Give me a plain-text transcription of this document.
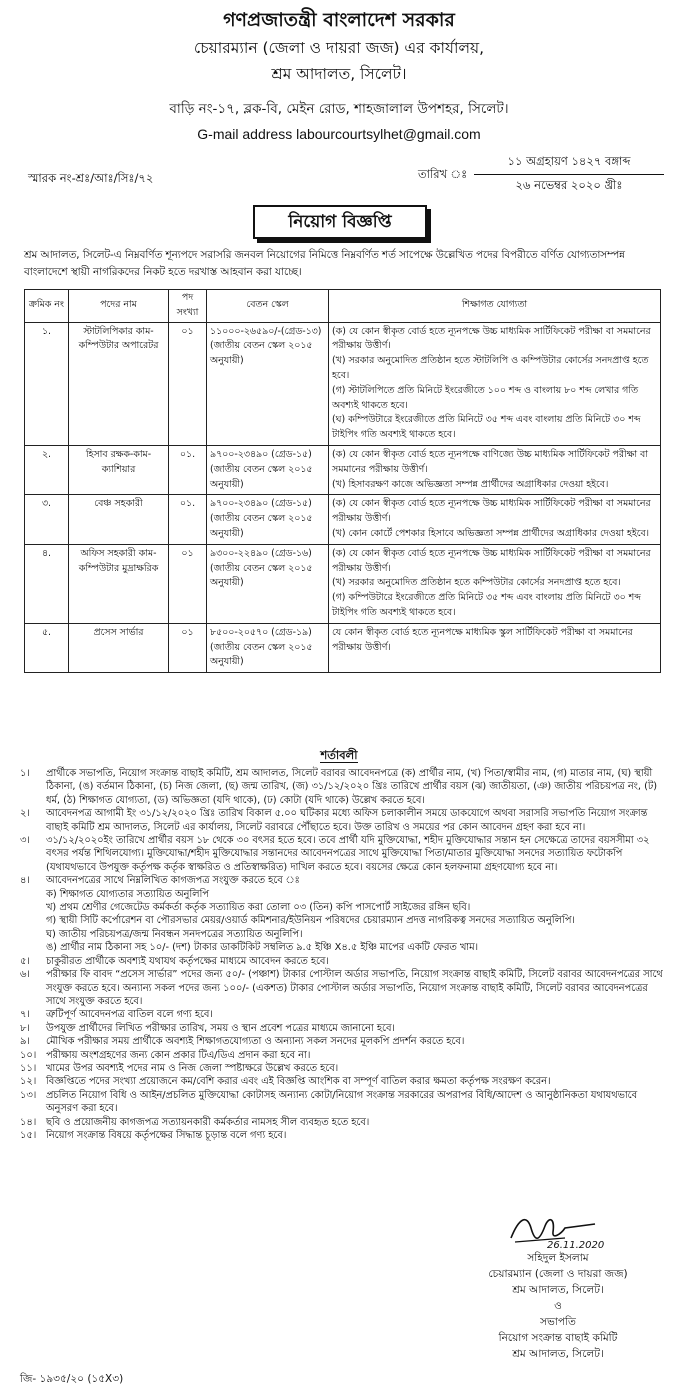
গণপ্রজাতন্ত্রী বাংলাদেশ সরকার
চেয়ারম্যান (জেলা ও দায়রা জজ) এর কার্যালয়,
শ্রম আদালত, সিলেট।
বাড়ি নং-১৭, ব্লক-বি, মেইন রোড, শাহজালাল উপশহর, সিলেট।
G-mail address labourcourtsylhet@gmail.com
স্মারক নং-শ্রঃ/আঃ/সিঃ/৭২	তারিখ ঃ
১১ অগ্রহায়ণ ১৪২৭ বঙ্গাব্দ
২৬ নভেম্বর ২০২০ খ্রীঃ
নিয়োগ বিজ্ঞপ্তি
শ্রম আদালত, সিলেট-এ নিম্নবর্ণিত শূন্যপদে সরাসরি জনবল নিয়োগের নিমিত্তে নিম্নবর্ণিত শর্ত সাপেক্ষে উল্লেখিত পদের বিপরীতে বর্ণিত যোগ্যতাসম্পন্ন বাংলাদেশে স্থায়ী নাগরিকদের নিকট হতে দরখাস্ত আহবান করা যাচ্ছে।
ক্রমিক নং	পদের নাম	পদ সংখ্যা	বেতন স্কেল	শিক্ষাগত যোগ্যতা
১.	স্টাটলিপিকার কাম-কম্পিউটার অপারেটর	০১	১১০০০-২৬৫৯০/-(গ্রেড-১৩) (জাতীয় বেতন স্কেল ২০১৫ অনুযায়ী)	(ক) যে কোন স্বীকৃত বোর্ড হতে ন্যূনপক্ষে উচ্চ মাধ্যমিক সার্টিফিকেট পরীক্ষা বা সমমানের পরীক্ষায় উত্তীর্ণ।
(খ) সরকার অনুমোদিত প্রতিষ্ঠান হতে স্টাটলিপি ও কম্পিউটার কোর্সের সনদপ্রাপ্ত হতে হবে।
(গ) স্টাটলিপিতে প্রতি মিনিটে ইংরেজীতে ১০০ শব্দ ও বাংলায় ৮০ শব্দ লেখার গতি অবশ্যই থাকতে হবে।
(ঘ) কম্পিউটারে ইংরেজীতে প্রতি মিনিটে ৩৫ শব্দ এবং বাংলায় প্রতি মিনিটে ৩০ শব্দ টাইপিং গতি অবশ্যই থাকতে হবে।

২.	হিসাব রক্ষক-কাম-ক্যাশিয়ার	০১.	৯৭০০-২৩৪৯০ (গ্রেড-১৫) (জাতীয় বেতন স্কেল ২০১৫ অনুযায়ী)	(ক) যে কোন স্বীকৃত বোর্ড হতে ন্যূনপক্ষে বাণিজ্যে উচ্চ মাধ্যমিক সার্টিফিকেট পরীক্ষা বা সমমানের পরীক্ষায় উত্তীর্ণ।
(খ) হিসাবরক্ষণ কাজে অভিজ্ঞতা সম্পন্ন প্রার্থীদের অগ্রাধিকার দেওয়া হইবে।

৩.	বেঞ্চ সহকারী	০১.	৯৭০০-২৩৪৯০ (গ্রেড-১৫) (জাতীয় বেতন স্কেল ২০১৫ অনুযায়ী)	(ক) যে কোন স্বীকৃত বোর্ড হতে ন্যূনপক্ষে উচ্চ মাধ্যমিক সার্টিফিকেট পরীক্ষা বা সমমানের পরীক্ষায় উত্তীর্ণ।
(খ) কোন কোর্টে পেশকার হিসাবে অভিজ্ঞতা সম্পন্ন প্রার্থীদের অগ্রাধিকার দেওয়া হইবে।

৪.	অফিস সহকারী কাম-কম্পিউটার মুদ্রাক্ষরিক	০১	৯৩০০-২২৪৯০ (গ্রেড-১৬) (জাতীয় বেতন স্কেল ২০১৫ অনুযায়ী)	(ক) যে কোন স্বীকৃত বোর্ড হতে ন্যূনপক্ষে উচ্চ মাধ্যমিক সার্টিফিকেট পরীক্ষা বা সমমানের পরীক্ষায় উত্তীর্ণ।
(খ) সরকার অনুমোদিত প্রতিষ্ঠান হতে কম্পিউটার কোর্সের সনদপ্রাপ্ত হতে হবে।
(গ) কম্পিউটারে ইংরেজীতে প্রতি মিনিটে ৩৫ শব্দ এবং বাংলায় প্রতি মিনিটে ৩০ শব্দ টাইপিং গতি অবশ্যই থাকতে হবে।

৫.	প্রসেস সার্ভার	০১	৮৫০০-২০৫৭০ (গ্রেড-১৯) (জাতীয় বেতন স্কেল ২০১৫ অনুযায়ী)	যে কোন স্বীকৃত বোর্ড হতে ন্যূনপক্ষে মাধ্যমিক স্কুল সার্টিফিকেট পরীক্ষা বা সমমানের পরীক্ষায় উত্তীর্ণ।
শর্তাবলী
১। প্রার্থীকে সভাপতি, নিয়োগ সংক্রান্ত বাছাই কমিটি, শ্রম আদালত, সিলেট বরাবর আবেদনপত্রে (ক) প্রার্থীর নাম, (খ) পিতা/স্বামীর নাম, (গ) মাতার নাম, (ঘ) স্থায়ী ঠিকানা, (ঙ) বর্তমান ঠিকানা, (চ) নিজ জেলা, (ছ) জন্ম তারিখ, (জ) ৩১/১২/২০২০ খ্রিঃ তারিখে প্রার্থীর বয়স (ঝ) জাতীয়তা, (ঞ) জাতীয় পরিচয়পত্র নং, (ট) ধর্ম, (ঠ) শিক্ষাগত যোগ্যতা, (ড) অভিজ্ঞতা (যদি থাকে), (ঢ) কোটা (যদি থাকে) উল্লেখ করতে হবে।
২। আবেদনপত্র আগামী ইং ৩১/১২/২০২০ খ্রিঃ তারিখ বিকাল ৫.০০ ঘটিকার মধ্যে অফিস চলাকালীন সময়ে ডাকযোগে অথবা সরাসরি সভাপতি নিয়োগ সংক্রান্ত বাছাই কমিটি শ্রম আদালত, সিলেট এর কার্যালয়, সিলেট বরাবরে পৌঁছাতে হবে। উক্ত তারিখ ও সময়ের পর কোন আবেদন গ্রহণ করা হবে না।
৩। ৩১/১২/২০২০ইং তারিখে প্রার্থীর বয়স ১৮ থেকে ৩০ বৎসর হতে হবে। তবে প্রার্থী যদি মুক্তিযোদ্ধা, শহীদ মুক্তিযোদ্ধার সন্তান হন সেক্ষেত্রে তাদের বয়সসীমা ৩২ বৎসর পর্যন্ত শিথিলযোগ্য। মুক্তিযোদ্ধা/শহীদ মুক্তিযোদ্ধার সন্তানদের আবেদনপত্রের সাথে মুক্তিযোদ্ধা পিতা/মাতার মুক্তিযোদ্ধা সনদের সত্যায়িত ফটোকপি (যথাযথভাবে উপযুক্ত কর্তৃপক্ষ কর্তৃক স্বাক্ষরিত ও প্রতিস্বাক্ষরিত) দাখিল করতে হবে। বয়সের ক্ষেত্রে কোন হলফনামা গ্রহণযোগ্য হবে না।
৪। আবেদনপত্রের সাথে নিম্নলিখিত কাগজপত্র সংযুক্ত করতে হবে ঃ
ক) শিক্ষাগত যোগ্যতার সত্যায়িত অনুলিপি
খ) প্রথম শ্রেণীর গেজেটেড কর্মকর্তা কর্তৃক সত্যায়িত করা তোলা ০৩ (তিন) কপি পাসপোর্ট সাইজের রঙ্গিন ছবি।
গ) স্থায়ী সিটি কর্পোরেশন বা পৌরসভার মেয়র/ওয়ার্ড কমিশনার/ইউনিয়ন পরিষদের চেয়ারম্যান প্রদত্ত নাগরিকত্ব সনদের সত্যায়িত অনুলিপি।
ঘ) জাতীয় পরিচয়পত্র/জন্ম নিবন্ধন সনদপত্রের সত্যায়িত অনুলিপি।
ঙ) প্রার্থীর নাম ঠিকানা সহ ১০/- (দশ) টাকার ডাকটিকিট সম্বলিত ৯.৫ ইঞ্চি X৪.৫ ইঞ্চি মাপের একটি ফেরত খাম।
৫। চাকুরীরত প্রার্থীকে অবশ্যই যথাযথ কর্তৃপক্ষের মাধ্যমে আবেদন করতে হবে।
৬। পরীক্ষার ফি বাবদ “প্রসেস সার্ভার” পদের জন্য ৫০/- (পঞ্চাশ) টাকার পোস্টাল অর্ডার সভাপতি, নিয়োগ সংক্রান্ত বাছাই কমিটি, সিলেট বরাবর আবেদনপত্রের সাথে সংযুক্ত করতে হবে। অন্যান্য সকল পদের জন্য ১০০/- (একশত) টাকার পোস্টাল অর্ডার সভাপতি, নিয়োগ সংক্রান্ত বাছাই কমিটি, সিলেট বরাবর আবেদনপত্রের সাথে সংযুক্ত করতে হবে।
৭। ত্রুটিপূর্ণ আবেদনপত্র বাতিল বলে গণ্য হবে।
৮। উপযুক্ত প্রার্থীদের লিখিত পরীক্ষার তারিখ, সময় ও স্থান প্রবেশ পত্রের মাধ্যমে জানানো হবে।
৯। মৌখিক পরীক্ষার সময় প্রার্থীকে অবশ্যই শিক্ষাগতযোগ্যতা ও অন্যান্য সকল সনদের মূলকপি প্রদর্শন করতে হবে।
১০। পরীক্ষায় অংশগ্রহণের জন্য কোন প্রকার টিএ/ডিএ প্রদান করা হবে না।
১১। খামের উপর অবশ্যই পদের নাম ও নিজ জেলা স্পষ্টাক্ষরে উল্লেখ করতে হবে।
১২। বিজ্ঞপ্তিতে পদের সংখ্যা প্রয়োজনে কম/বেশি করার এবং এই বিজ্ঞপ্তি আংশিক বা সম্পূর্ণ বাতিল করার ক্ষমতা কর্তৃপক্ষ সংরক্ষণ করেন।
১৩। প্রচলিত নিয়োগ বিধি ও আইন/প্রচলিত মুক্তিযোদ্ধা কোটাসহ অন্যান্য কোটা/নিয়োগ সংক্রান্ত সরকারের অপরাপর বিধি/আদেশ ও আনুষ্ঠানিকতা যথাযথভাবে অনুসরণ করা হবে।
১৪। ছবি ও প্রয়োজনীয় কাগজপত্র সত্যায়নকারী কর্মকর্তার নামসহ সীল ব্যবহৃত হতে হবে।
১৫। নিয়োগ সংক্রান্ত বিষয়ে কর্তৃপক্ষের সিদ্ধান্ত চূড়ান্ত বলে গণ্য হবে।
26.11.2020
সহিদুল ইসলাম
চেয়ারম্যান (জেলা ও দায়রা জজ)
শ্রম আদালত, সিলেট।
ও
সভাপতি
নিয়োগ সংক্রান্ত বাছাই কমিটি
শ্রম আদালত, সিলেট।
জি- ১৯৩৫/২০ (১৫X৩)
